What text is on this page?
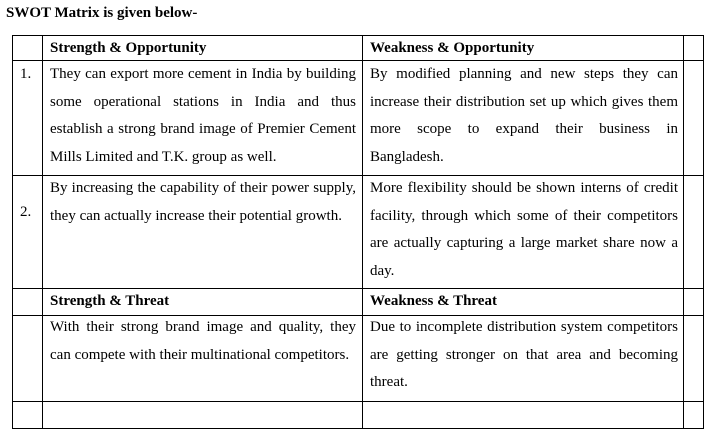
SWOT Matrix is given below-
Strength & Opportunity	Weakness & Opportunity
1. They can export more cement in India by building some operational stations in India and thus establish a strong brand image of Premier Cement Mills Limited and T.K. group as well.
By modified planning and new steps they can increase their distribution set up which gives them more scope to expand their business in Bangladesh.
2.
By increasing the capability of their power supply, they can actually increase their potential growth.
More flexibility should be shown interns of credit facility, through which some of their competitors are actually capturing a large market share now a day.
Strength & Threat	Weakness & Threat
With their strong brand image and quality, they can compete with their multinational competitors.
Due to incomplete distribution system competitors are getting stronger on that area and becoming threat.
